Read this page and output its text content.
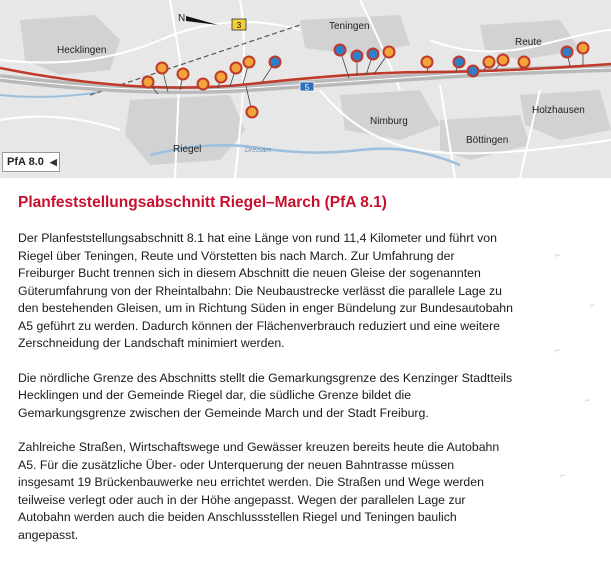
3
5
N
Hecklingen
Teningen
Reute
Riegel
Nimburg
Böttingen
Holzhausen
Dreisam
PfA 8.0 ◀
Planfeststellungsabschnitt Riegel–March (PfA 8.1)

Der Planfeststellungsabschnitt 8.1 hat eine Länge von rund 11,4 Kilometer und führt von Riegel über Teningen, Reute und Vörstetten bis nach March. Zur Umfahrung der Freiburger Bucht trennen sich in diesem Abschnitt die neuen Gleise der sogenannten Güterumfahrung von der Rheintalbahn: Die Neubaustrecke verlässt die parallele Lage zu den bestehenden Gleisen, um in Richtung Süden in enger Bündelung zur Bundesautobahn A5 geführt zu werden. Dadurch können der Flächenverbrauch reduziert und eine weitere Zerschneidung der Landschaft minimiert werden.

Die nördliche Grenze des Abschnitts stellt die Gemarkungsgrenze des Kenzinger Stadtteils Hecklingen und der Gemeinde Riegel dar, die südliche Grenze bildet die Gemarkungsgrenze zwischen der Gemeinde March und der Stadt Freiburg.

Zahlreiche Straßen, Wirtschaftswege und Gewässer kreuzen bereits heute die Autobahn A5. Für die zusätzliche Über- oder Unterquerung der neuen Bahntrasse müssen insgesamt 19 Brückenbauwerke neu errichtet werden. Die Straßen und Wege werden teilweise verlegt oder auch in der Höhe angepasst. Wegen der parallelen Lage zur Autobahn werden auch die beiden Anschlussstellen Riegel und Teningen baulich angepasst.

⌐
⌐
⌐
⌐
⌐
